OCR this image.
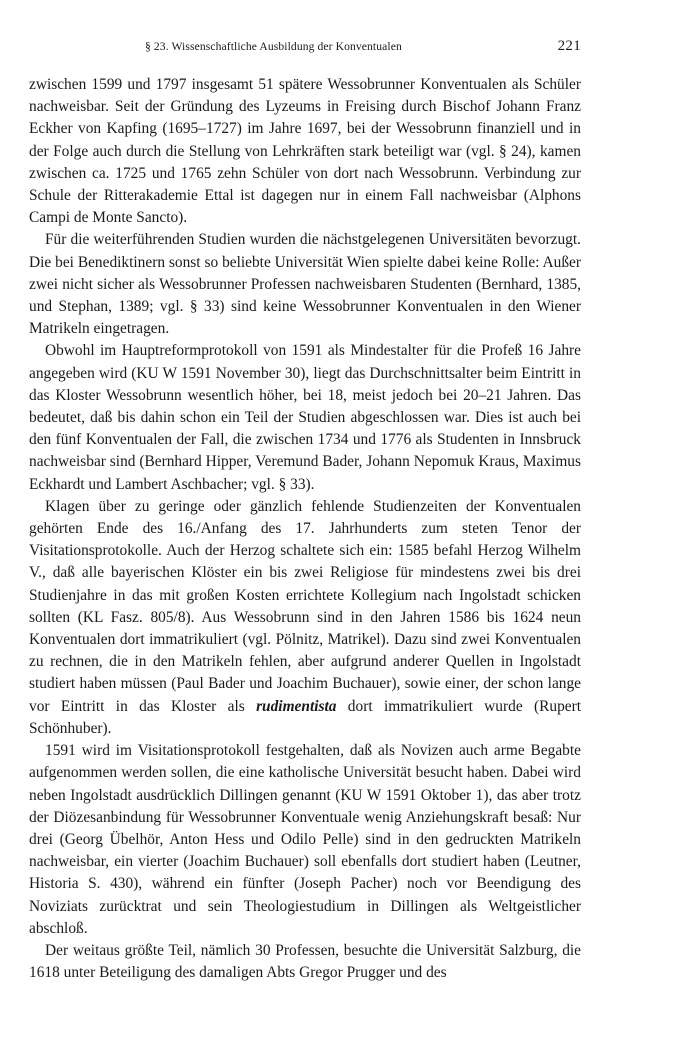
§ 23. Wissenschaftliche Ausbildung der Konventualen	221

zwischen 1599 und 1797 insgesamt 51 spätere Wessobrunner Konventualen als Schüler nachweisbar. Seit der Gründung des Lyzeums in Freising durch Bischof Johann Franz Eckher von Kapfing (1695–1727) im Jahre 1697, bei der Wessobrunn finanziell und in der Folge auch durch die Stellung von Lehrkräften stark beteiligt war (vgl. § 24), kamen zwischen ca. 1725 und 1765 zehn Schüler von dort nach Wessobrunn. Verbindung zur Schule der Ritterakademie Ettal ist dagegen nur in einem Fall nachweisbar (Alphons Campi de Monte Sancto).

Für die weiterführenden Studien wurden die nächstgelegenen Universitäten bevorzugt. Die bei Benediktinern sonst so beliebte Universität Wien spielte dabei keine Rolle: Außer zwei nicht sicher als Wessobrunner Professen nachweisbaren Studenten (Bernhard, 1385, und Stephan, 1389; vgl. § 33) sind keine Wessobrunner Konventualen in den Wiener Matrikeln eingetragen.

Obwohl im Hauptreformprotokoll von 1591 als Mindestalter für die Profeß 16 Jahre angegeben wird (KU W 1591 November 30), liegt das Durchschnittsalter beim Eintritt in das Kloster Wessobrunn wesentlich höher, bei 18, meist jedoch bei 20–21 Jahren. Das bedeutet, daß bis dahin schon ein Teil der Studien abgeschlossen war. Dies ist auch bei den fünf Konventualen der Fall, die zwischen 1734 und 1776 als Studenten in Innsbruck nachweisbar sind (Bernhard Hipper, Veremund Bader, Johann Nepomuk Kraus, Maximus Eckhardt und Lambert Aschbacher; vgl. § 33).

Klagen über zu geringe oder gänzlich fehlende Studienzeiten der Konventualen gehörten Ende des 16./Anfang des 17. Jahrhunderts zum steten Tenor der Visitationsprotokolle. Auch der Herzog schaltete sich ein: 1585 befahl Herzog Wilhelm V., daß alle bayerischen Klöster ein bis zwei Religiose für mindestens zwei bis drei Studienjahre in das mit großen Kosten errichtete Kollegium nach Ingolstadt schicken sollten (KL Fasz. 805/8). Aus Wessobrunn sind in den Jahren 1586 bis 1624 neun Konventualen dort immatrikuliert (vgl. Pölnitz, Matrikel). Dazu sind zwei Konventualen zu rechnen, die in den Matrikeln fehlen, aber aufgrund anderer Quellen in Ingolstadt studiert haben müssen (Paul Bader und Joachim Buchauer), sowie einer, der schon lange vor Eintritt in das Kloster als rudimentista dort immatrikuliert wurde (Rupert Schönhuber).

1591 wird im Visitationsprotokoll festgehalten, daß als Novizen auch arme Begabte aufgenommen werden sollen, die eine katholische Universität besucht haben. Dabei wird neben Ingolstadt ausdrücklich Dillingen genannt (KU W 1591 Oktober 1), das aber trotz der Diözesanbindung für Wessobrunner Konventuale wenig Anziehungskraft besaß: Nur drei (Georg Übelhör, Anton Hess und Odilo Pelle) sind in den gedruckten Matrikeln nachweisbar, ein vierter (Joachim Buchauer) soll ebenfalls dort studiert haben (Leutner, Historia S. 430), während ein fünfter (Joseph Pacher) noch vor Beendigung des Noviziats zurücktrat und sein Theologiestudium in Dillingen als Weltgeistlicher abschloß.

Der weitaus größte Teil, nämlich 30 Professen, besuchte die Universität Salzburg, die 1618 unter Beteiligung des damaligen Abts Gregor Prugger und des
